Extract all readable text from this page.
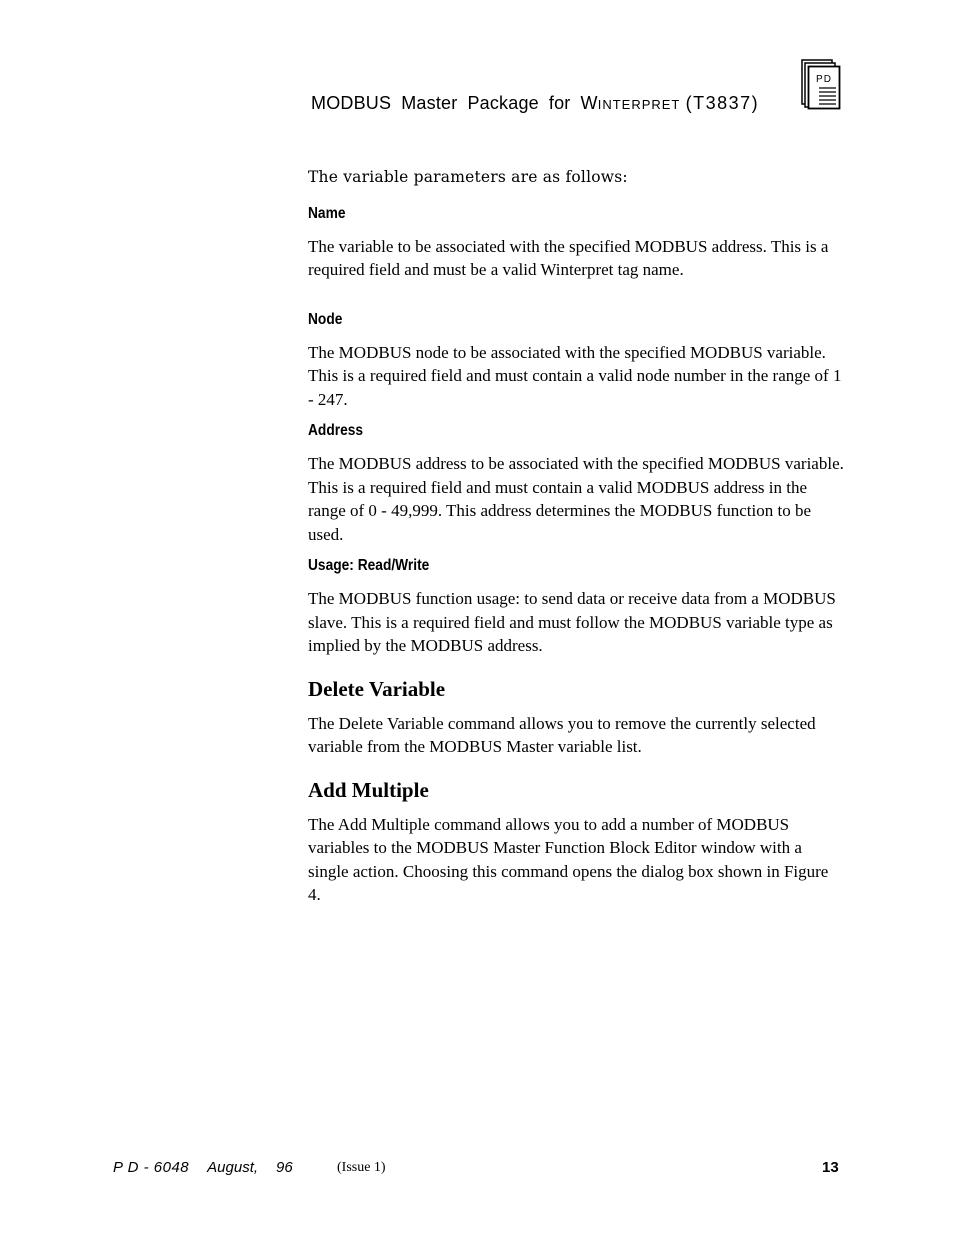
MODBUS Master Package for WINTERPRET (T3837)
PD

The variable parameters are as follows:

Name

The variable to be associated with the specified MODBUS address. This is a required field and must be a valid Winterpret tag name.

Node

The MODBUS node to be associated with the specified MODBUS variable. This is a required field and must contain a valid node number in the range of 1 - 247.

Address

The MODBUS address to be associated with the specified MODBUS variable. This is a required field and must contain a valid MODBUS address in the range of 0 - 49,999. This address determines the MODBUS function to be used.

Usage: Read/Write

The MODBUS function usage: to send data or receive data from a MODBUS slave. This is a required field and must follow the MODBUS variable type as implied by the MODBUS address.

Delete Variable

The Delete Variable command allows you to remove the currently selected variable from the MODBUS Master variable list.

Add Multiple

The Add Multiple command allows you to add a number of MODBUS variables to the MODBUS Master Function Block Editor window with a single action. Choosing this command opens the dialog box shown in Figure 4.

P D - 6048 August, 96	(Issue 1)	13
